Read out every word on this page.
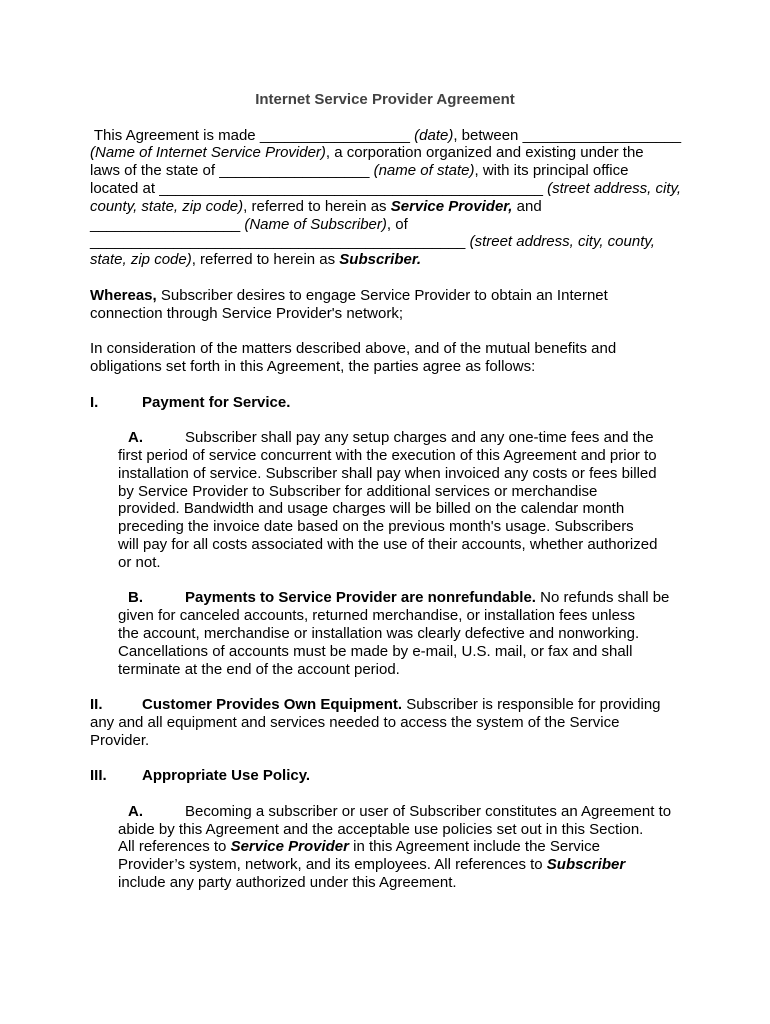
Internet Service Provider Agreement
This Agreement is made __________________ (date), between ___________________
(Name of Internet Service Provider), a corporation organized and existing under the
laws of the state of __________________ (name of state), with its principal office
located at ______________________________________________ (street address, city,
county, state, zip code), referred to herein as Service Provider, and
__________________ (Name of Subscriber), of
_____________________________________________ (street address, city, county,
state, zip code), referred to herein as Subscriber.
Whereas, Subscriber desires to engage Service Provider to obtain an Internet
connection through Service Provider's network;
In consideration of the matters described above, and of the mutual benefits and
obligations set forth in this Agreement, the parties agree as follows:
I.	Payment for Service.
A.	Subscriber shall pay any setup charges and any one-time fees and the
first period of service concurrent with the execution of this Agreement and prior to
installation of service. Subscriber shall pay when invoiced any costs or fees billed
by Service Provider to Subscriber for additional services or merchandise
provided. Bandwidth and usage charges will be billed on the calendar month
preceding the invoice date based on the previous month's usage. Subscribers
will pay for all costs associated with the use of their accounts, whether authorized
or not.
B.	Payments to Service Provider are nonrefundable. No refunds shall be
given for canceled accounts, returned merchandise, or installation fees unless
the account, merchandise or installation was clearly defective and nonworking.
Cancellations of accounts must be made by e-mail, U.S. mail, or fax and shall
terminate at the end of the account period.
II.	Customer Provides Own Equipment. Subscriber is responsible for providing
any and all equipment and services needed to access the system of the Service
Provider.
III. Appropriate Use Policy.
A.	Becoming a subscriber or user of Subscriber constitutes an Agreement to
abide by this Agreement and the acceptable use policies set out in this Section.
All references to Service Provider in this Agreement include the Service
Provider’s system, network, and its employees. All references to Subscriber
include any party authorized under this Agreement.
